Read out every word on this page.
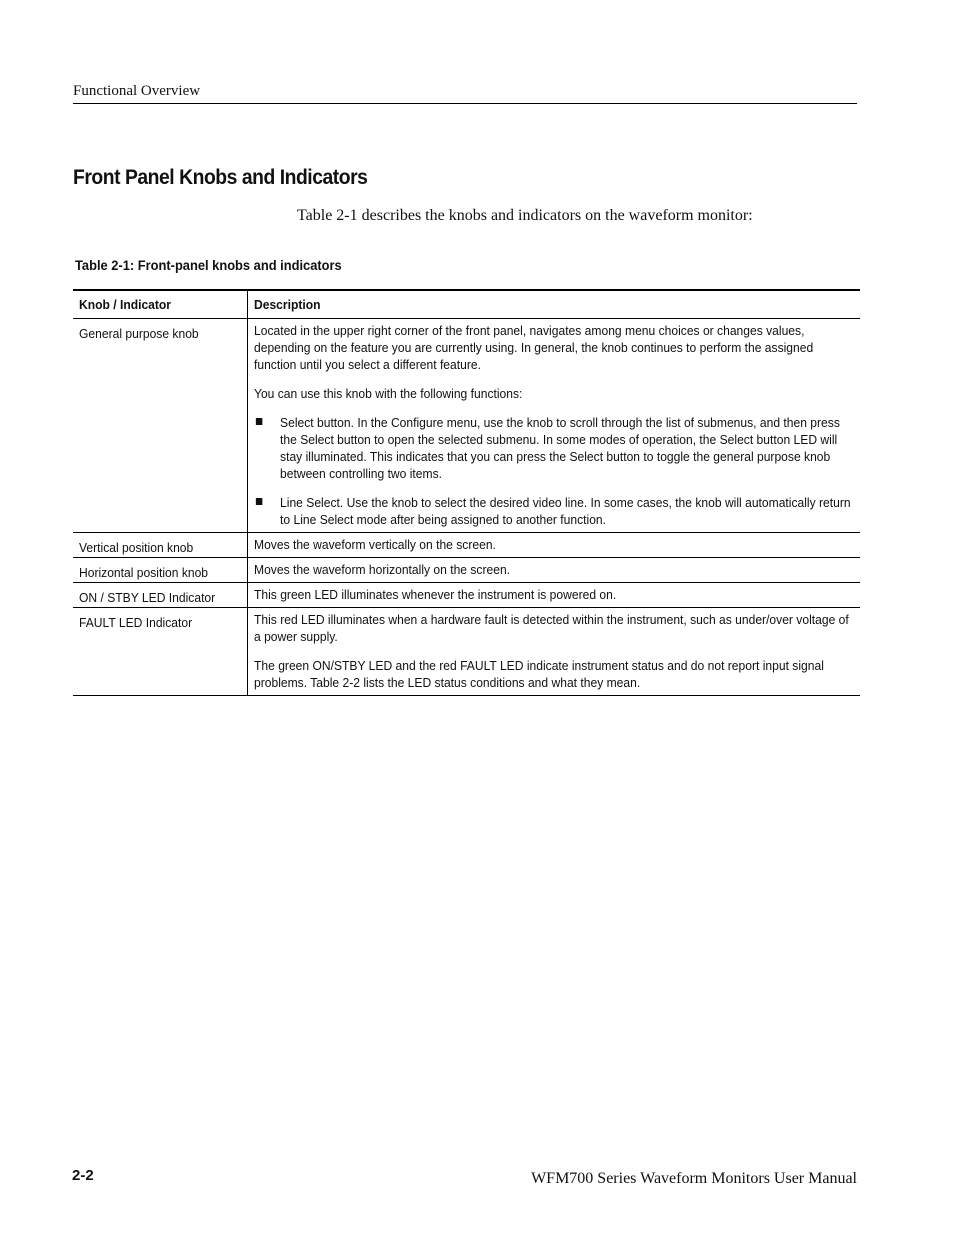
Functional Overview
Front Panel Knobs and Indicators

Table 2-1 describes the knobs and indicators on the waveform monitor:

Table 2-1: Front-panel knobs and indicators
Knob / Indicator	Description

General purpose knob	Located in the upper right corner of the front panel, navigates among menu choices or changes values, depending on the feature you are currently using. In general, the knob continues to perform the assigned function until you select a different feature.

You can use this knob with the following functions:

Select button. In the Configure menu, use the knob to scroll through the list of submenus, and then press the Select button to open the selected submenu. In some modes of operation, the Select button LED will stay illuminated. This indicates that you can press the Select button to toggle the general purpose knob between controlling two items.
Line Select. Use the knob to select the desired video line. In some cases, the knob will automatically return to Line Select mode after being assigned to another function.

Vertical position knob	Moves the waveform vertically on the screen.

Horizontal position knob	Moves the waveform horizontally on the screen.

ON / STBY LED Indicator	This green LED illuminates whenever the instrument is powered on.

FAULT LED Indicator	This red LED illuminates when a hardware fault is detected within the instrument, such as under/over voltage of a power supply.

The green ON/STBY LED and the red FAULT LED indicate instrument status and do not report input signal problems. Table 2-2 lists the LED status conditions and what they mean.

2-2	WFM700 Series Waveform Monitors User Manual
